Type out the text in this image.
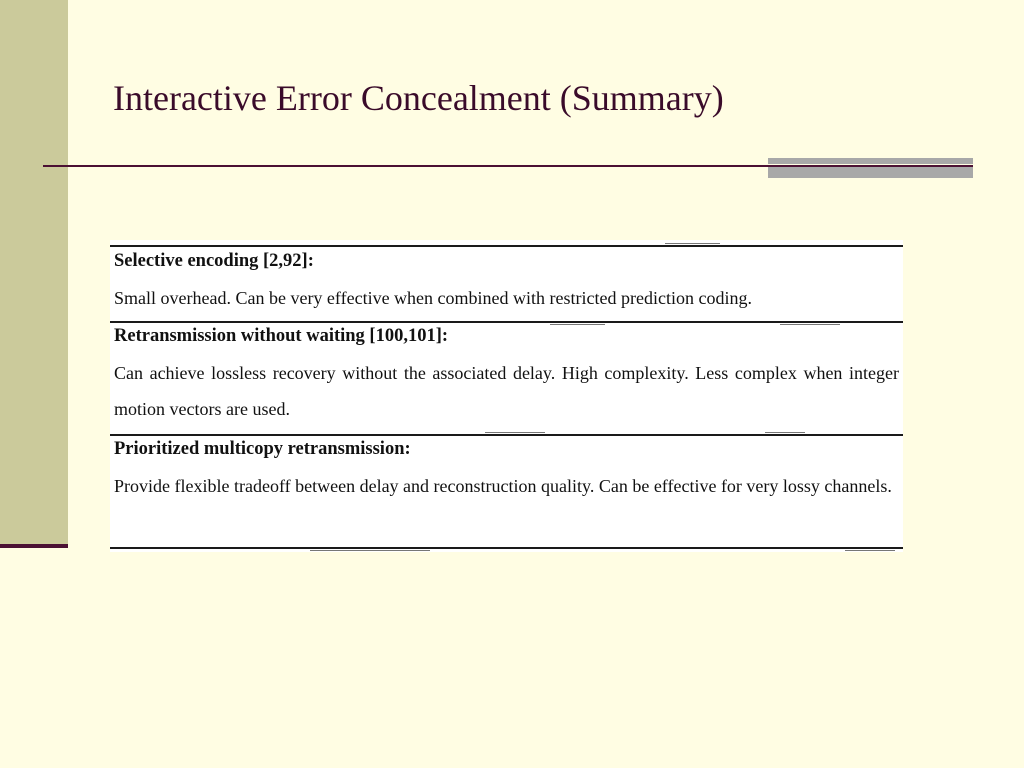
Interactive Error Concealment (Summary)

Selective encoding [2,92]:

Small overhead. Can be very effective when combined with restricted prediction coding.

Retransmission without waiting [100,101]:

Can achieve lossless recovery without the associated delay. High complexity. Less complex when integer motion vectors are used.

Prioritized multicopy retransmission:

Provide flexible tradeoff between delay and reconstruction quality. Can be effective for very lossy channels.
